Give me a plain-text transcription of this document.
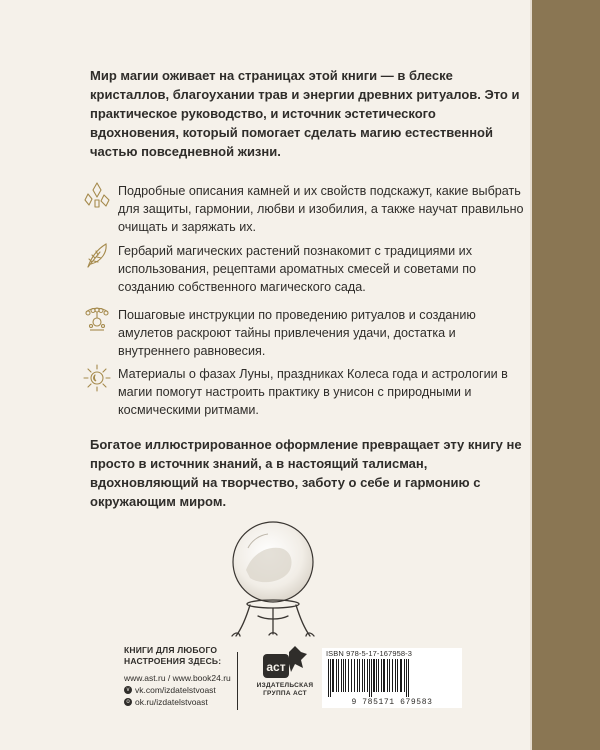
Мир магии оживает на страницах этой книги — в блеске кристаллов, благоухании трав и энергии древних ритуалов. Это и практическое руководство, и источник эстетического вдохновения, который помогает сделать магию естественной частью повседневной жизни.

Подробные описания камней и их свойств подскажут, какие выбрать для защиты, гармонии, любви и изобилия, а также научат правильно очищать и заряжать их.

Гербарий магических растений познакомит с традициями их использования, рецептами ароматных смесей и советами по созданию собственного магического сада.

Пошаговые инструкции по проведению ритуалов и созданию амулетов раскроют тайны привлечения удачи, достатка и внутреннего равновесия.

Материалы о фазах Луны, праздниках Колеса года и астрологии в магии помогут настроить практику в унисон с природными и космическими ритмами.

Богатое иллюстрированное оформление превращает эту книгу не просто в источник знаний, а в настоящий талисман, вдохновляющий на творчество, заботу о себе и гармонию с окружающим миром.

КНИГИ ДЛЯ ЛЮБОГО
НАСТРОЕНИЯ ЗДЕСЬ:

www.ast.ru / www.book24.ru
v vk.com/izdatelstvoast
o ok.ru/izdatelstvoast
аст
ИЗДАТЕЛЬСКАЯ
ГРУППА АСТ
ISBN 978-5-17-167958-3
9 785171 679583
